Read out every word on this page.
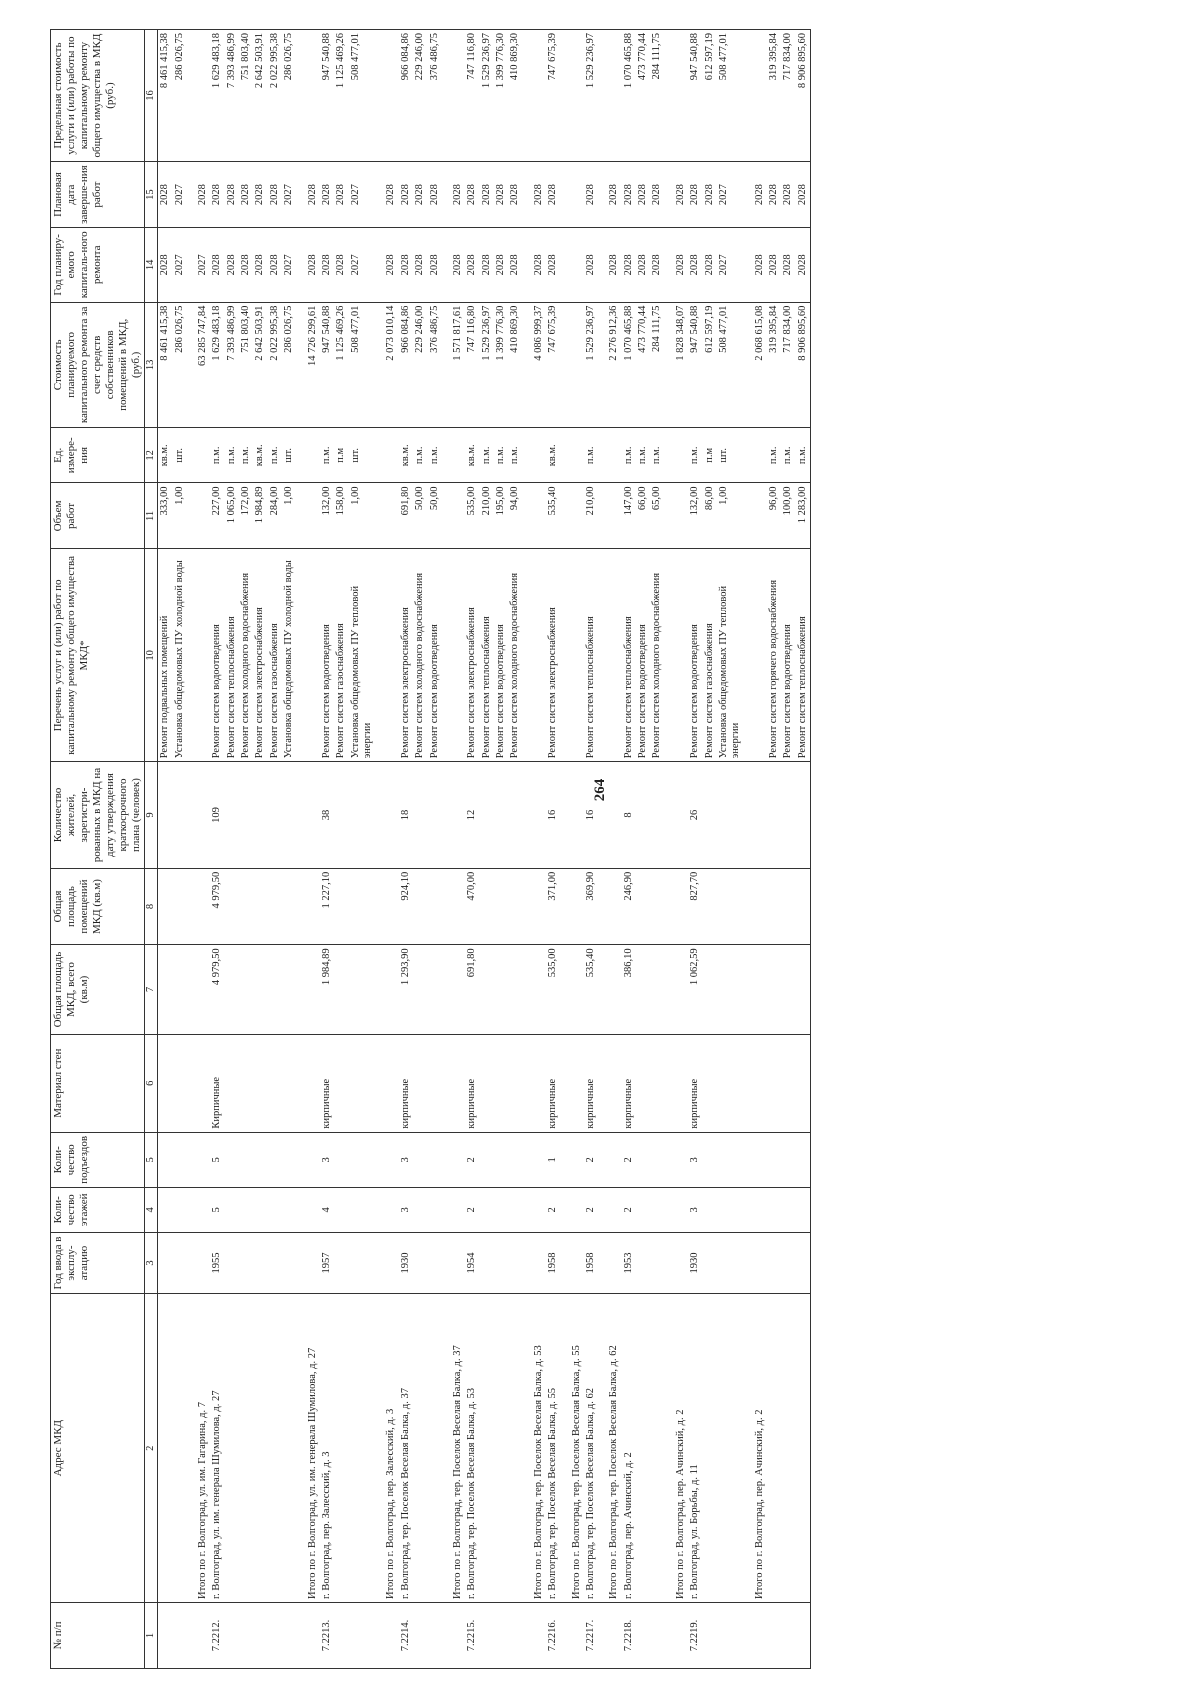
264
№ п/п	Адрес МКД	Год ввода в эксплу-атацию	Коли-чество этажей	Коли-чество подъездов	Материал стен	Общая площадь МКД, всего (кв.м)	Общая площадь помещений МКД (кв.м)	Количество жителей, зарегистри-рованных в МКД на дату утверждения краткосрочного плана (человек)	Перечень услуг и (или) работ по капитальному ремонту общего имущества МКД*	Объем работ	Ед. измере-ния	Стоимость планируемого капитального ремонта за счет средств собственников помещений в МКД, (руб.)	Год планиру-емого капиталь-ного ремонта	Плановая дата заверше-ния работ	Предельная стоимость услуги и (или) работы по капитальному ремонту общего имущества в МКД (руб.)
1	2	3	4	5	6	7	8	9	10	11	12	13	14	15	16
									Ремонт подвальных помещений	333,00	кв.м.	8 461 415,38	2028	2028	8 461 415,38
									Установка общедомовых ПУ холодной воды	1,00	шт.	286 026,75	2027	2027	286 026,75
	Итого по г. Волгоград, ул. им. Гагарина, д. 7											63 285 747,84	2027	2028	
7.2212.	г. Волгоград, ул. им. генерала Шумилова, д. 27	1955	5	5	Кирпичные	4 979,50	4 979,50	109	Ремонт систем водоотведения	227,00	п.м.	1 629 483,18	2028	2028	1 629 483,18
									Ремонт систем теплоснабжения	1 065,00	п.м.	7 393 486,99	2028	2028	7 393 486,99
									Ремонт систем холодного водоснабжения	172,00	п.м.	751 803,40	2028	2028	751 803,40
									Ремонт систем электроснабжения	1 984,89	кв.м.	2 642 503,91	2028	2028	2 642 503,91
									Ремонт систем газоснабжения	284,00	п.м.	2 022 995,38	2028	2028	2 022 995,38
									Установка общедомовых ПУ холодной воды	1,00	шт.	286 026,75	2027	2027	286 026,75
	Итого по г. Волгоград, ул. им. генерала Шумилова, д. 27											14 726 299,61	2028	2028	
7.2213.	г. Волгоград, пер. Залесский, д. 3	1957	4	3	кирпичные	1 984,89	1 227,10	38	Ремонт систем водоотведения	132,00	п.м.	947 540,88	2028	2028	947 540,88
									Ремонт систем газоснабжения	158,00	п.м	1 125 469,26	2028	2028	1 125 469,26
									Установка общедомовых ПУ тепловой энергии	1,00	шт.	508 477,01	2027	2027	508 477,01
	Итого по г. Волгоград, пер. Залесский, д. 3											2 073 010,14	2028	2028	
7.2214.	г. Волгоград, тер. Поселок Веселая Балка, д. 37	1930	3	3	кирпичные	1 293,90	924,10	18	Ремонт систем электроснабжения	691,80	кв.м.	966 084,86	2028	2028	966 084,86
									Ремонт систем холодного водоснабжения	50,00	п.м.	229 246,00	2028	2028	229 246,00
									Ремонт систем водоотведения	50,00	п.м.	376 486,75	2028	2028	376 486,75
	Итого по г. Волгоград, тер. Поселок Веселая Балка, д. 37											1 571 817,61	2028	2028	
7.2215.	г. Волгоград, тер. Поселок Веселая Балка, д. 53	1954	2	2	кирпичные	691,80	470,00	12	Ремонт систем электроснабжения	535,00	кв.м.	747 116,80	2028	2028	747 116,80
									Ремонт систем теплоснабжения	210,00	п.м.	1 529 236,97	2028	2028	1 529 236,97
									Ремонт систем водоотведения	195,00	п.м.	1 399 776,30	2028	2028	1 399 776,30
									Ремонт систем холодного водоснабжения	94,00	п.м.	410 869,30	2028	2028	410 869,30
	Итого по г. Волгоград, тер. Поселок Веселая Балка, д. 53											4 086 999,37	2028	2028	
7.2216.	г. Волгоград, тер. Поселок Веселая Балка, д. 55	1958	2	1	кирпичные	535,00	371,00	16	Ремонт систем электроснабжения	535,40	кв.м.	747 675,39	2028	2028	747 675,39
	Итого по г. Волгоград, тер. Поселок Веселая Балка, д. 55														
7.2217.	г. Волгоград, тер. Поселок Веселая Балка, д. 62	1958	2	2	кирпичные	535,40	369,90	16	Ремонт систем теплоснабжения	210,00	п.м.	1 529 236,97	2028	2028	1 529 236,97
	Итого по г. Волгоград, тер. Поселок Веселая Балка, д. 62											2 276 912,36	2028	2028	
7.2218.	г. Волгоград, пер. Ачинский, д. 2	1953	2	2	кирпичные	386,10	246,90	8	Ремонт систем теплоснабжения	147,00	п.м.	1 070 465,88	2028	2028	1 070 465,88
									Ремонт систем водоотведения	66,00	п.м.	473 770,44	2028	2028	473 770,44
									Ремонт систем холодного водоснабжения	65,00	п.м.	284 111,75	2028	2028	284 111,75
	Итого по г. Волгоград, пер. Ачинский, д. 2											1 828 348,07	2028	2028	
7.2219.	г. Волгоград, ул. Борьбы, д. 11	1930	3	3	кирпичные	1 062,59	827,70	26	Ремонт систем водоотведения	132,00	п.м.	947 540,88	2028	2028	947 540,88
									Ремонт систем газоснабжения	86,00	п.м	612 597,19	2028	2028	612 597,19
									Установка общедомовых ПУ тепловой энергии	1,00	шт.	508 477,01	2027	2027	508 477,01
	Итого по г. Волгоград, пер. Ачинский, д. 2											2 068 615,08	2028	2028	
									Ремонт систем горячего водоснабжения	96,00	п.м.	319 395,84	2028	2028	319 395,84
									Ремонт систем водоотведения	100,00	п.м.	717 834,00	2028	2028	717 834,00
									Ремонт систем теплоснабжения	1 283,00	п.м.	8 906 895,60	2028	2028	8 906 895,60
